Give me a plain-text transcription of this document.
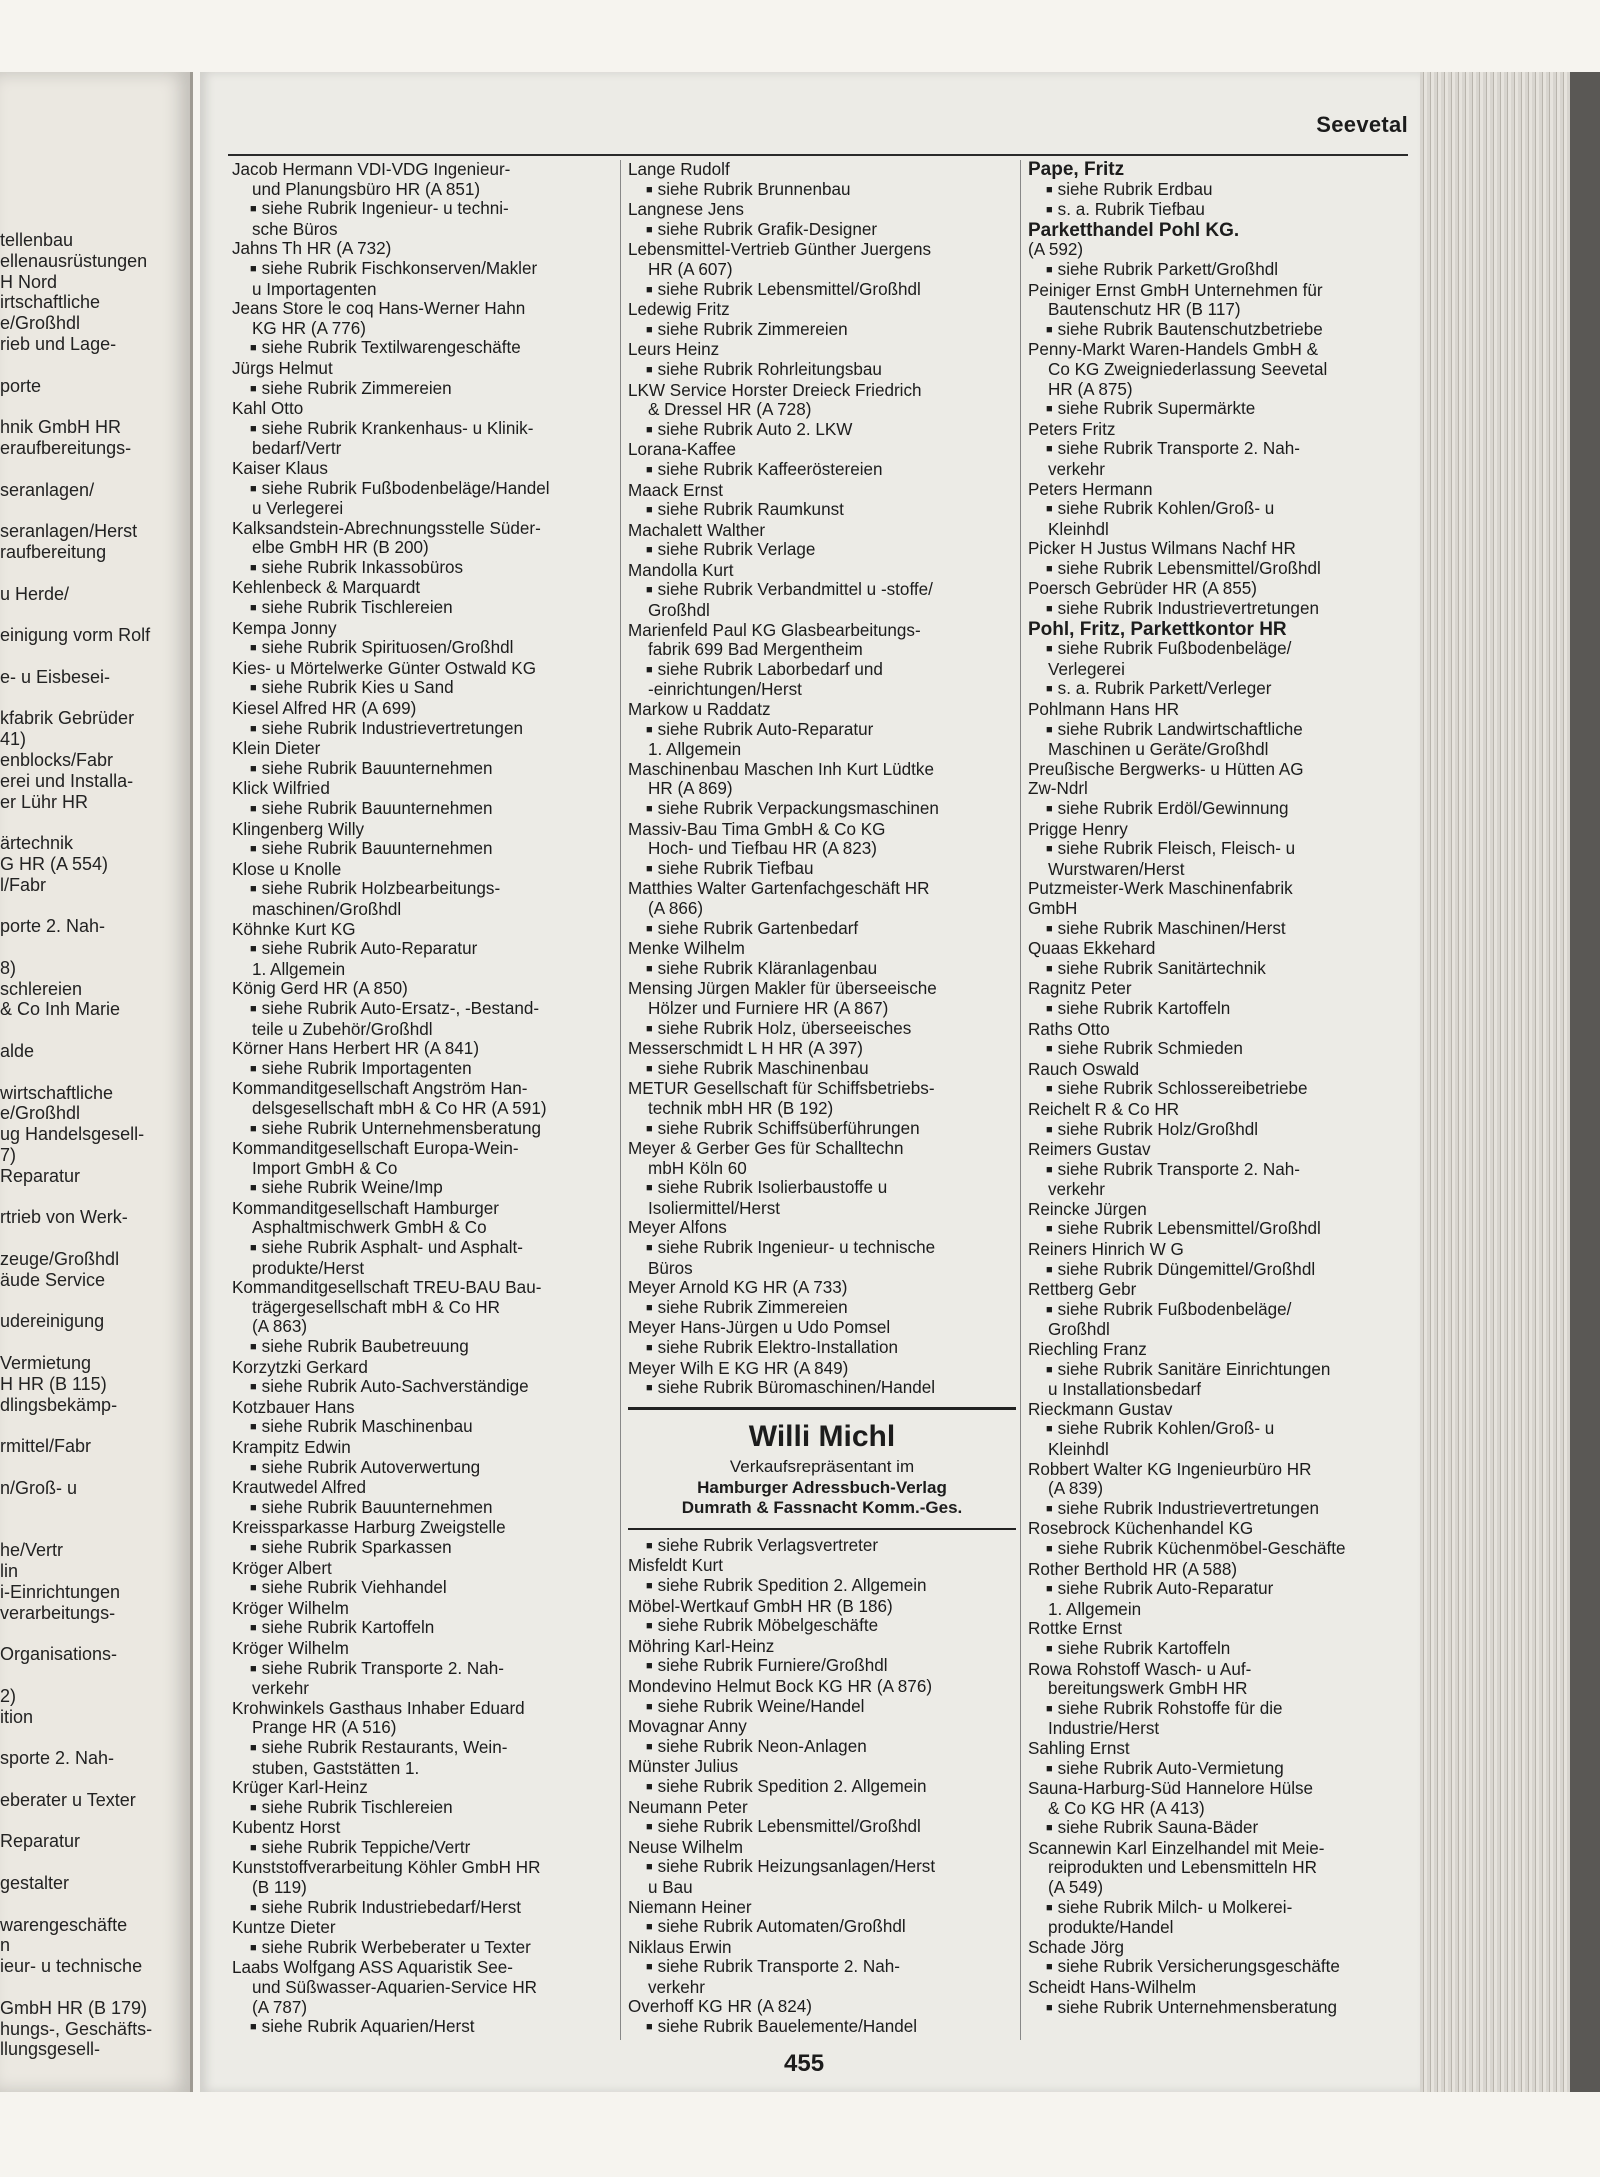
tellenbau
ellenausrüstungen
H Nord
irtschaftliche
e/Großhdl
rieb und Lage-

porte

hnik GmbH HR
eraufbereitungs-

seranlagen/

seranlagen/Herst
raufbereitung

u Herde/

einigung vorm Rolf

e- u Eisbesei-

kfabrik Gebrüder
41)
enblocks/Fabr
erei und Installa-
er Lühr HR

ärtechnik
G HR (A 554)
l/Fabr

porte 2. Nah-

8)
schlereien
& Co Inh Marie

alde

wirtschaftliche
e/Großhdl
ug Handelsgesell-
7)
Reparatur

rtrieb von Werk-

zeuge/Großhdl
äude Service

udereinigung

Vermietung
H HR (B 115)
dlingsbekämp-

rmittel/Fabr

n/Groß- u

he/Vertr
lin
i-Einrichtungen
verarbeitungs-

Organisations-

2)
ition

sporte 2. Nah-

eberater u Texter

Reparatur

gestalter

warengeschäfte
n
ieur- u technische

GmbH HR (B 179)
hungs-, Geschäfts-
llungsgesell-
Seevetal
Jacob Hermann VDI-VDG Ingenieur-
und Planungsbüro HR (A 851)
■ siehe Rubrik Ingenieur- u techni-
sche Büros
Jahns Th HR (A 732)
■ siehe Rubrik Fischkonserven/Makler
u Importagenten
Jeans Store le coq Hans-Werner Hahn
KG HR (A 776)
■ siehe Rubrik Textilwarengeschäfte
Jürgs Helmut
■ siehe Rubrik Zimmereien
Kahl Otto
■ siehe Rubrik Krankenhaus- u Klinik-
bedarf/Vertr
Kaiser Klaus
■ siehe Rubrik Fußbodenbeläge/Handel
u Verlegerei
Kalksandstein-Abrechnungsstelle Süder-
elbe GmbH HR (B 200)
■ siehe Rubrik Inkassobüros
Kehlenbeck & Marquardt
■ siehe Rubrik Tischlereien
Kempa Jonny
■ siehe Rubrik Spirituosen/Großhdl
Kies- u Mörtelwerke Günter Ostwald KG
■ siehe Rubrik Kies u Sand
Kiesel Alfred HR (A 699)
■ siehe Rubrik Industrievertretungen
Klein Dieter
■ siehe Rubrik Bauunternehmen
Klick Wilfried
■ siehe Rubrik Bauunternehmen
Klingenberg Willy
■ siehe Rubrik Bauunternehmen
Klose u Knolle
■ siehe Rubrik Holzbearbeitungs-
maschinen/Großhdl
Köhnke Kurt KG
■ siehe Rubrik Auto-Reparatur
1. Allgemein
König Gerd HR (A 850)
■ siehe Rubrik Auto-Ersatz-, -Bestand-
teile u Zubehör/Großhdl
Körner Hans Herbert HR (A 841)
■ siehe Rubrik Importagenten
Kommanditgesellschaft Angström Han-
delsgesellschaft mbH & Co HR (A 591)
■ siehe Rubrik Unternehmensberatung
Kommanditgesellschaft Europa-Wein-
Import GmbH & Co
■ siehe Rubrik Weine/Imp
Kommanditgesellschaft Hamburger
Asphaltmischwerk GmbH & Co
■ siehe Rubrik Asphalt- und Asphalt-
produkte/Herst
Kommanditgesellschaft TREU-BAU Bau-
trägergesellschaft mbH & Co HR
(A 863)
■ siehe Rubrik Baubetreuung
Korzytzki Gerkard
■ siehe Rubrik Auto-Sachverständige
Kotzbauer Hans
■ siehe Rubrik Maschinenbau
Krampitz Edwin
■ siehe Rubrik Autoverwertung
Krautwedel Alfred
■ siehe Rubrik Bauunternehmen
Kreissparkasse Harburg Zweigstelle
■ siehe Rubrik Sparkassen
Kröger Albert
■ siehe Rubrik Viehhandel
Kröger Wilhelm
■ siehe Rubrik Kartoffeln
Kröger Wilhelm
■ siehe Rubrik Transporte 2. Nah-
verkehr
Krohwinkels Gasthaus Inhaber Eduard
Prange HR (A 516)
■ siehe Rubrik Restaurants, Wein-
stuben, Gaststätten 1.
Krüger Karl-Heinz
■ siehe Rubrik Tischlereien
Kubentz Horst
■ siehe Rubrik Teppiche/Vertr
Kunststoffverarbeitung Köhler GmbH HR
(B 119)
■ siehe Rubrik Industriebedarf/Herst
Kuntze Dieter
■ siehe Rubrik Werbeberater u Texter
Laabs Wolfgang ASS Aquaristik See-
und Süßwasser-Aquarien-Service HR
(A 787)
■ siehe Rubrik Aquarien/Herst
Lange Rudolf
■ siehe Rubrik Brunnenbau
Langnese Jens
■ siehe Rubrik Grafik-Designer
Lebensmittel-Vertrieb Günther Juergens
HR (A 607)
■ siehe Rubrik Lebensmittel/Großhdl
Ledewig Fritz
■ siehe Rubrik Zimmereien
Leurs Heinz
■ siehe Rubrik Rohrleitungsbau
LKW Service Horster Dreieck Friedrich
& Dressel HR (A 728)
■ siehe Rubrik Auto 2. LKW
Lorana-Kaffee
■ siehe Rubrik Kaffeeröstereien
Maack Ernst
■ siehe Rubrik Raumkunst
Machalett Walther
■ siehe Rubrik Verlage
Mandolla Kurt
■ siehe Rubrik Verbandmittel u -stoffe/
Großhdl
Marienfeld Paul KG Glasbearbeitungs-
fabrik 699 Bad Mergentheim
■ siehe Rubrik Laborbedarf und
-einrichtungen/Herst
Markow u Raddatz
■ siehe Rubrik Auto-Reparatur
1. Allgemein
Maschinenbau Maschen Inh Kurt Lüdtke
HR (A 869)
■ siehe Rubrik Verpackungsmaschinen
Massiv-Bau Tima GmbH & Co KG
Hoch- und Tiefbau HR (A 823)
■ siehe Rubrik Tiefbau
Matthies Walter Gartenfachgeschäft HR
(A 866)
■ siehe Rubrik Gartenbedarf
Menke Wilhelm
■ siehe Rubrik Kläranlagenbau
Mensing Jürgen Makler für überseeische
Hölzer und Furniere HR (A 867)
■ siehe Rubrik Holz, überseeisches
Messerschmidt L H HR (A 397)
■ siehe Rubrik Maschinenbau
METUR Gesellschaft für Schiffsbetriebs-
technik mbH HR (B 192)
■ siehe Rubrik Schiffsüberführungen
Meyer & Gerber Ges für Schalltechn
mbH Köln 60
■ siehe Rubrik Isolierbaustoffe u
Isoliermittel/Herst
Meyer Alfons
■ siehe Rubrik Ingenieur- u technische
Büros
Meyer Arnold KG HR (A 733)
■ siehe Rubrik Zimmereien
Meyer Hans-Jürgen u Udo Pomsel
■ siehe Rubrik Elektro-Installation
Meyer Wilh E KG HR (A 849)
■ siehe Rubrik Büromaschinen/Handel
Willi Michl
Verkaufsrepräsentant im
Hamburger Adressbuch-Verlag
Dumrath & Fassnacht Komm.-Ges.
■ siehe Rubrik Verlagsvertreter
Misfeldt Kurt
■ siehe Rubrik Spedition 2. Allgemein
Möbel-Wertkauf GmbH HR (B 186)
■ siehe Rubrik Möbelgeschäfte
Möhring Karl-Heinz
■ siehe Rubrik Furniere/Großhdl
Mondevino Helmut Bock KG HR (A 876)
■ siehe Rubrik Weine/Handel
Movagnar Anny
■ siehe Rubrik Neon-Anlagen
Münster Julius
■ siehe Rubrik Spedition 2. Allgemein
Neumann Peter
■ siehe Rubrik Lebensmittel/Großhdl
Neuse Wilhelm
■ siehe Rubrik Heizungsanlagen/Herst
u Bau
Niemann Heiner
■ siehe Rubrik Automaten/Großhdl
Niklaus Erwin
■ siehe Rubrik Transporte 2. Nah-
verkehr
Overhoff KG HR (A 824)
■ siehe Rubrik Bauelemente/Handel
Pape, Fritz
■ siehe Rubrik Erdbau
■ s. a. Rubrik Tiefbau
Parketthandel Pohl KG.
(A 592)
■ siehe Rubrik Parkett/Großhdl
Peiniger Ernst GmbH Unternehmen für
Bautenschutz HR (B 117)
■ siehe Rubrik Bautenschutzbetriebe
Penny-Markt Waren-Handels GmbH &
Co KG Zweigniederlassung Seevetal
HR (A 875)
■ siehe Rubrik Supermärkte
Peters Fritz
■ siehe Rubrik Transporte 2. Nah-
verkehr
Peters Hermann
■ siehe Rubrik Kohlen/Groß- u
Kleinhdl
Picker H Justus Wilmans Nachf HR
■ siehe Rubrik Lebensmittel/Großhdl
Poersch Gebrüder HR (A 855)
■ siehe Rubrik Industrievertretungen
Pohl, Fritz, Parkettkontor HR
■ siehe Rubrik Fußbodenbeläge/
Verlegerei
■ s. a. Rubrik Parkett/Verleger
Pohlmann Hans HR
■ siehe Rubrik Landwirtschaftliche
Maschinen u Geräte/Großhdl
Preußische Bergwerks- u Hütten AG
Zw-Ndrl
■ siehe Rubrik Erdöl/Gewinnung
Prigge Henry
■ siehe Rubrik Fleisch, Fleisch- u
Wurstwaren/Herst
Putzmeister-Werk Maschinenfabrik
GmbH
■ siehe Rubrik Maschinen/Herst
Quaas Ekkehard
■ siehe Rubrik Sanitärtechnik
Ragnitz Peter
■ siehe Rubrik Kartoffeln
Raths Otto
■ siehe Rubrik Schmieden
Rauch Oswald
■ siehe Rubrik Schlossereibetriebe
Reichelt R & Co HR
■ siehe Rubrik Holz/Großhdl
Reimers Gustav
■ siehe Rubrik Transporte 2. Nah-
verkehr
Reincke Jürgen
■ siehe Rubrik Lebensmittel/Großhdl
Reiners Hinrich W G
■ siehe Rubrik Düngemittel/Großhdl
Rettberg Gebr
■ siehe Rubrik Fußbodenbeläge/
Großhdl
Riechling Franz
■ siehe Rubrik Sanitäre Einrichtungen
u Installationsbedarf
Rieckmann Gustav
■ siehe Rubrik Kohlen/Groß- u
Kleinhdl
Robbert Walter KG Ingenieurbüro HR
(A 839)
■ siehe Rubrik Industrievertretungen
Rosebrock Küchenhandel KG
■ siehe Rubrik Küchenmöbel-Geschäfte
Rother Berthold HR (A 588)
■ siehe Rubrik Auto-Reparatur
1. Allgemein
Rottke Ernst
■ siehe Rubrik Kartoffeln
Rowa Rohstoff Wasch- u Auf-
bereitungswerk GmbH HR
■ siehe Rubrik Rohstoffe für die
Industrie/Herst
Sahling Ernst
■ siehe Rubrik Auto-Vermietung
Sauna-Harburg-Süd Hannelore Hülse
& Co KG HR (A 413)
■ siehe Rubrik Sauna-Bäder
Scannewin Karl Einzelhandel mit Meie-
reiprodukten und Lebensmitteln HR
(A 549)
■ siehe Rubrik Milch- u Molkerei-
produkte/Handel
Schade Jörg
■ siehe Rubrik Versicherungsgeschäfte
Scheidt Hans-Wilhelm
■ siehe Rubrik Unternehmensberatung
455
